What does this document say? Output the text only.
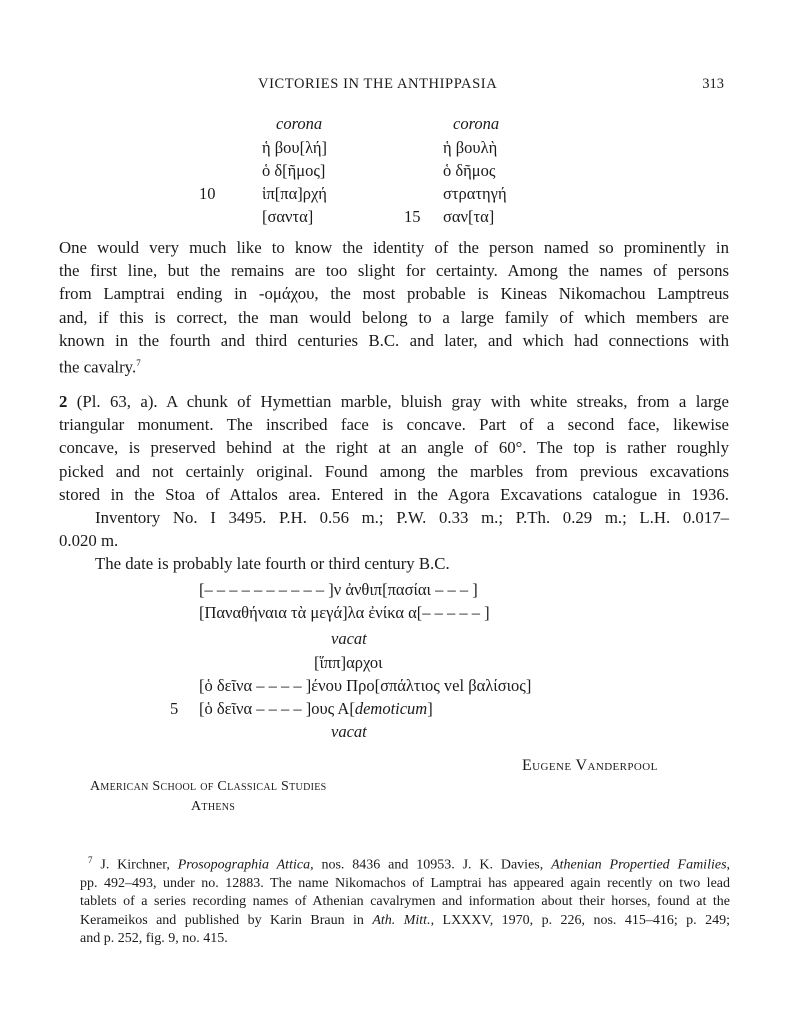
VICTORIES IN THE ANTHIPPASIA	313
corona
ἡ βου[λή]
ὁ δ[ῆμος]
10	ἱπ[πα]ρχή
[σαντα]
corona
ἡ βουλὴ
ὁ δῆμος
στρατηγή
15 σαν[τα]
One would very much like to know the identity of the person named so prominently in
the first line, but the remains are too slight for certainty. Among the names of persons
from Lamptrai ending in -ομάχου, the most probable is Kineas Nikomachou Lamptreus
and, if this is correct, the man would belong to a large family of which members are
known in the fourth and third centuries B.C. and later, and which had connections with
the cavalry.$^7$
2 (Pl. 63, a). A chunk of Hymettian marble, bluish gray with white streaks, from a large
triangular monument. The inscribed face is concave. Part of a second face, likewise
concave, is preserved behind at the right at an angle of 60°. The top is rather roughly
picked and not certainly original. Found among the marbles from previous excavations
stored in the Stoa of Attalos area. Entered in the Agora Excavations catalogue in 1936.
Inventory No. I 3495. P.H. 0.56 m.; P.W. 0.33 m.; P.Th. 0.29 m.; L.H. 0.017–
0.020 m.
The date is probably late fourth or third century B.C.
[– – – – – – – – – – ]ν ἀνθιπ[πασίαι – – – ]
[Παναθήναια τὰ μεγά]λα ἐνίκα α[– – – – – ]
vacat
[ἵππ]αρχοι
[ὁ δεῖνα – – – – ]ένου Προ[σπάλτιος vel βαλίσιος]
5 [ὁ δεῖνα – – – – ]ους Α[demoticum]
vacat
Eugene Vanderpool
American School of Classical Studies
Athens
$^7$ J. Kirchner, Prosopographia Attica, nos. 8436 and 10953. J. K. Davies, Athenian Propertied Families,
pp. 492–493, under no. 12883. The name Nikomachos of Lamptrai has appeared again recently on two lead
tablets of a series recording names of Athenian cavalrymen and information about their horses, found at the
Kerameikos and published by Karin Braun in Ath. Mitt., LXXXV, 1970, p. 226, nos. 415–416; p. 249;
and p. 252, fig. 9, no. 415.
